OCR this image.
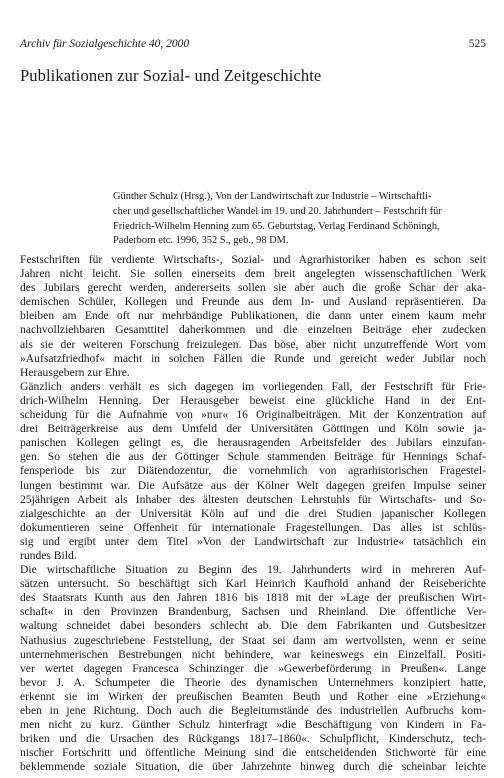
Archiv für Sozialgeschichte 40, 2000	525
Publikationen zur Sozial- und Zeitgeschichte
Günther Schulz (Hrsg.), Von der Landwirtschaft zur Industrie – Wirtschaftli-
cher und gesellschaftlicher Wandel im 19. und 20. Jahrhundert – Festschrift für
Friedrich-Wilhelm Henning zum 65. Geburtstag, Verlag Ferdinand Schöningh,
Paderborn etc. 1996, 352 S., geb., 98 DM.
Festschriften für verdiente Wirtschafts-, Sozial- und Agrarhistoriker haben es schon seit
Jahren nicht leicht. Sie sollen einerseits dem breit angelegten wissenschaftlichen Werk
des Jubilars gerecht werden, andererseits sollen sie aber auch die große Schar der aka-
demischen Schüler, Kollegen und Freunde aus dem In- und Ausland repräsentieren. Da
bleiben am Ende oft nur mehrbändige Publikationen, die dann unter einem kaum mehr
nachvollziehbaren Gesamttitel daherkommen und die einzelnen Beiträge eher zudecken
als sie der weiteren Forschung freizulegen. Das böse, aber nicht unzutreffende Wort vom
»Aufsatzfriedhof« macht in solchen Fällen die Runde und gereicht weder Jubilar noch
Herausgebern zur Ehre.
Gänzlich anders verhält es sich dagegen im vorliegenden Fall, der Festschrift für Frie-
drich-Wilhelm Henning. Der Herausgeber beweist eine glückliche Hand in der Ent-
scheidung für die Aufnahme von »nur« 16 Originalbeiträgen. Mit der Konzentration auf
drei Beiträgerkreise aus dem Umfeld der Universitäten Göttingen und Köln sowie ja-
panischen Kollegen gelingt es, die herausragenden Arbeitsfelder des Jubilars einzufan-
gen. So stehen die aus der Göttinger Schule stammenden Beiträge für Hennings Schaf-
fensperiode bis zur Diätendozentur, die vornehmlich von agrarhistorischen Fragestel-
lungen bestimmt war. Die Aufsätze aus der Kölner Welt dagegen greifen Impulse seiner
25jährigen Arbeit als Inhaber des ältesten deutschen Lehrstuhls für Wirtschafts- und So-
zialgeschichte an der Universität Köln auf und die drei Studien japanischer Kollegen
dokumentieren seine Offenheit für internationale Fragestellungen. Das alles ist schlüs-
sig und ergibt unter dem Titel »Von der Landwirtschaft zur Industrie« tatsächlich ein
rundes Bild.
Die wirtschaftliche Situation zu Beginn des 19. Jahrhunderts wird in mehreren Auf-
sätzen untersucht. So beschäftigt sich Karl Heinrich Kaufhold anhand der Reiseberichte
des Staatsrats Kunth aus den Jahren 1816 bis 1818 mit der »Lage der preußischen Wirt-
schaft« in den Provinzen Brandenburg, Sachsen und Rheinland. Die öffentliche Ver-
waltung schneidet dabei besonders schlecht ab. Die dem Fabrikanten und Gutsbesitzer
Nathusius zugeschriebene Feststellung, der Staat sei dann am wertvollsten, wenn er seine
unternehmerischen Bestrebungen nicht behindere, war keineswegs ein Einzelfall. Positi-
ver wertet dagegen Francesca Schinzinger die »Gewerbeförderung in Preußen«. Lange
bevor J. A. Schumpeter die Theorie des dynamischen Unternehmers konzipiert hatte,
erkennt sie im Wirken der preußischen Beamten Beuth und Rother eine »Erziehung«
eben in jene Richtung. Doch auch die Begleitumstände des industriellen Aufbruchs kom-
men nicht zu kurz. Günther Schulz hinterfragt »die Beschäftigung von Kindern in Fa-
briken und die Ursachen des Rückgangs 1817–1860«. Schulpflicht, Kinderschutz, tech-
nischer Fortschritt und öffentliche Meinung sind die entscheidenden Stichworte für eine
beklemmende soziale Situation, die über Jahrzehnte hinweg durch die scheinbar leichte
